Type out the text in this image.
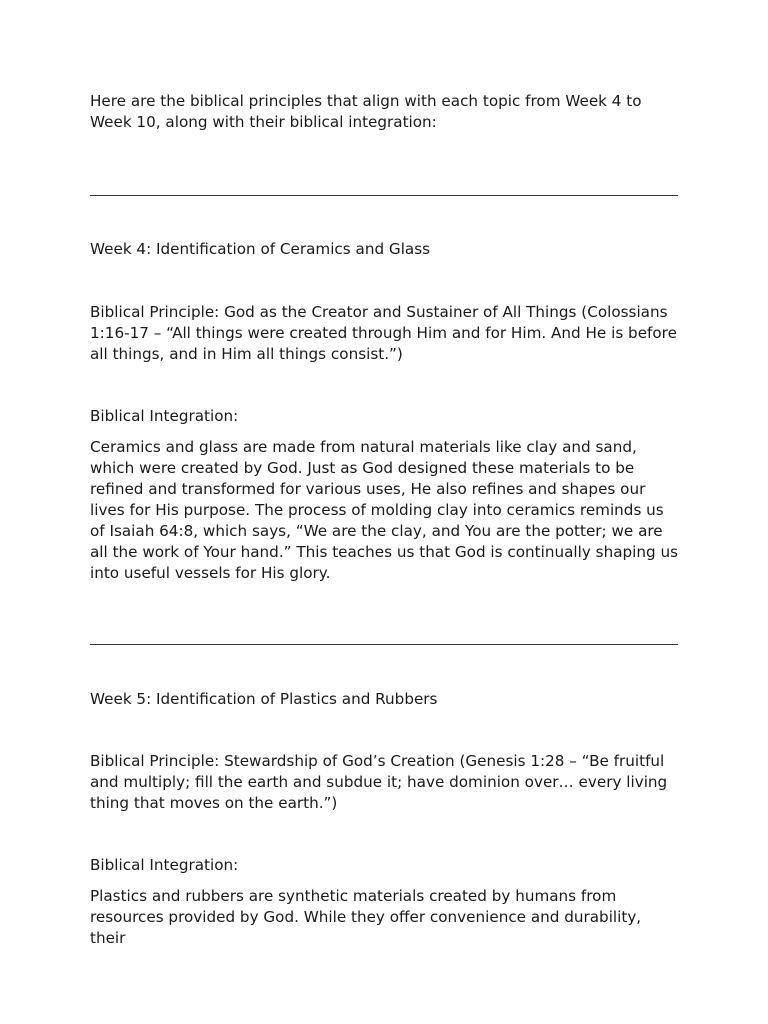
Here are the biblical principles that align with each topic from Week 4 to Week 10, along with their biblical integration:

Week 4: Identification of Ceramics and Glass

Biblical Principle: God as the Creator and Sustainer of All Things (Colossians 1:16-17 – “All things were created through Him and for Him. And He is before all things, and in Him all things consist.”)

Biblical Integration:

Ceramics and glass are made from natural materials like clay and sand, which were created by God. Just as God designed these materials to be refined and transformed for various uses, He also refines and shapes our lives for His purpose. The process of molding clay into ceramics reminds us of Isaiah 64:8, which says, “We are the clay, and You are the potter; we are all the work of Your hand.” This teaches us that God is continually shaping us into useful vessels for His glory.

Week 5: Identification of Plastics and Rubbers

Biblical Principle: Stewardship of God’s Creation (Genesis 1:28 – “Be fruitful and multiply; fill the earth and subdue it; have dominion over… every living thing that moves on the earth.”)

Biblical Integration:

Plastics and rubbers are synthetic materials created by humans from resources provided by God. While they offer convenience and durability, their
